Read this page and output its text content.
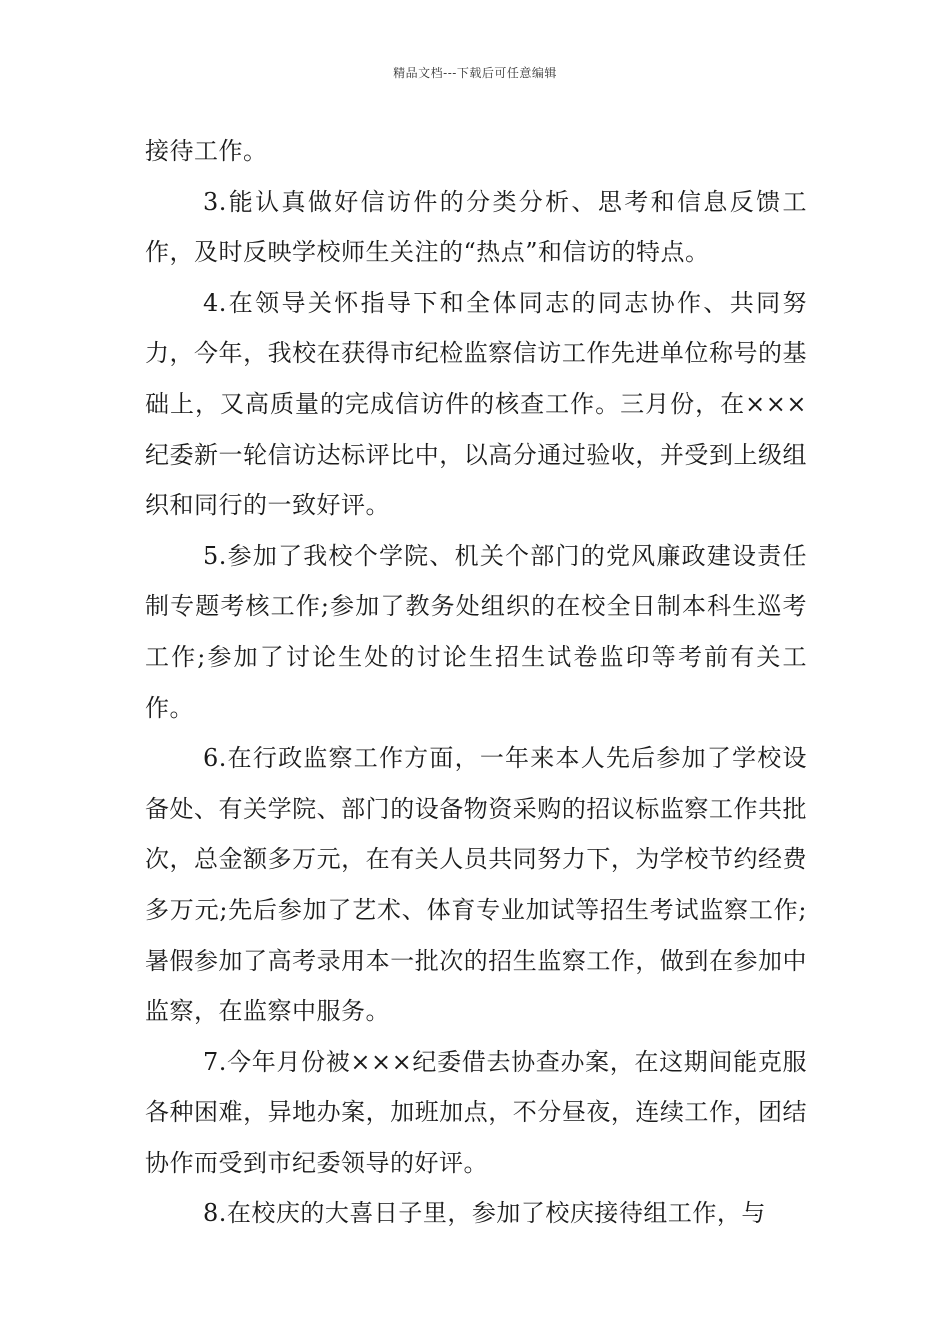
精品文档---下载后可任意编辑

接待工作。

3.能认真做好信访件的分类分析、思考和信息反馈工作，及时反映学校师生关注的“热点”和信访的特点。

4.在领导关怀指导下和全体同志的同志协作、共同努力，今年，我校在获得市纪检监察信访工作先进单位称号的基础上，又高质量的完成信访件的核查工作。三月份，在×××纪委新一轮信访达标评比中，以高分通过验收，并受到上级组织和同行的一致好评。

5.参加了我校个学院、机关个部门的党风廉政建设责任制专题考核工作;参加了教务处组织的在校全日制本科生巡考工作;参加了讨论生处的讨论生招生试卷监印等考前有关工作。

6.在行政监察工作方面，一年来本人先后参加了学校设备处、有关学院、部门的设备物资采购的招议标监察工作共批次，总金额多万元，在有关人员共同努力下，为学校节约经费多万元;先后参加了艺术、体育专业加试等招生考试监察工作;暑假参加了高考录用本一批次的招生监察工作，做到在参加中监察，在监察中服务。

7.今年月份被×××纪委借去协查办案，在这期间能克服各种困难，异地办案，加班加点，不分昼夜，连续工作，团结协作而受到市纪委领导的好评。

8.在校庆的大喜日子里，参加了校庆接待组工作，与
